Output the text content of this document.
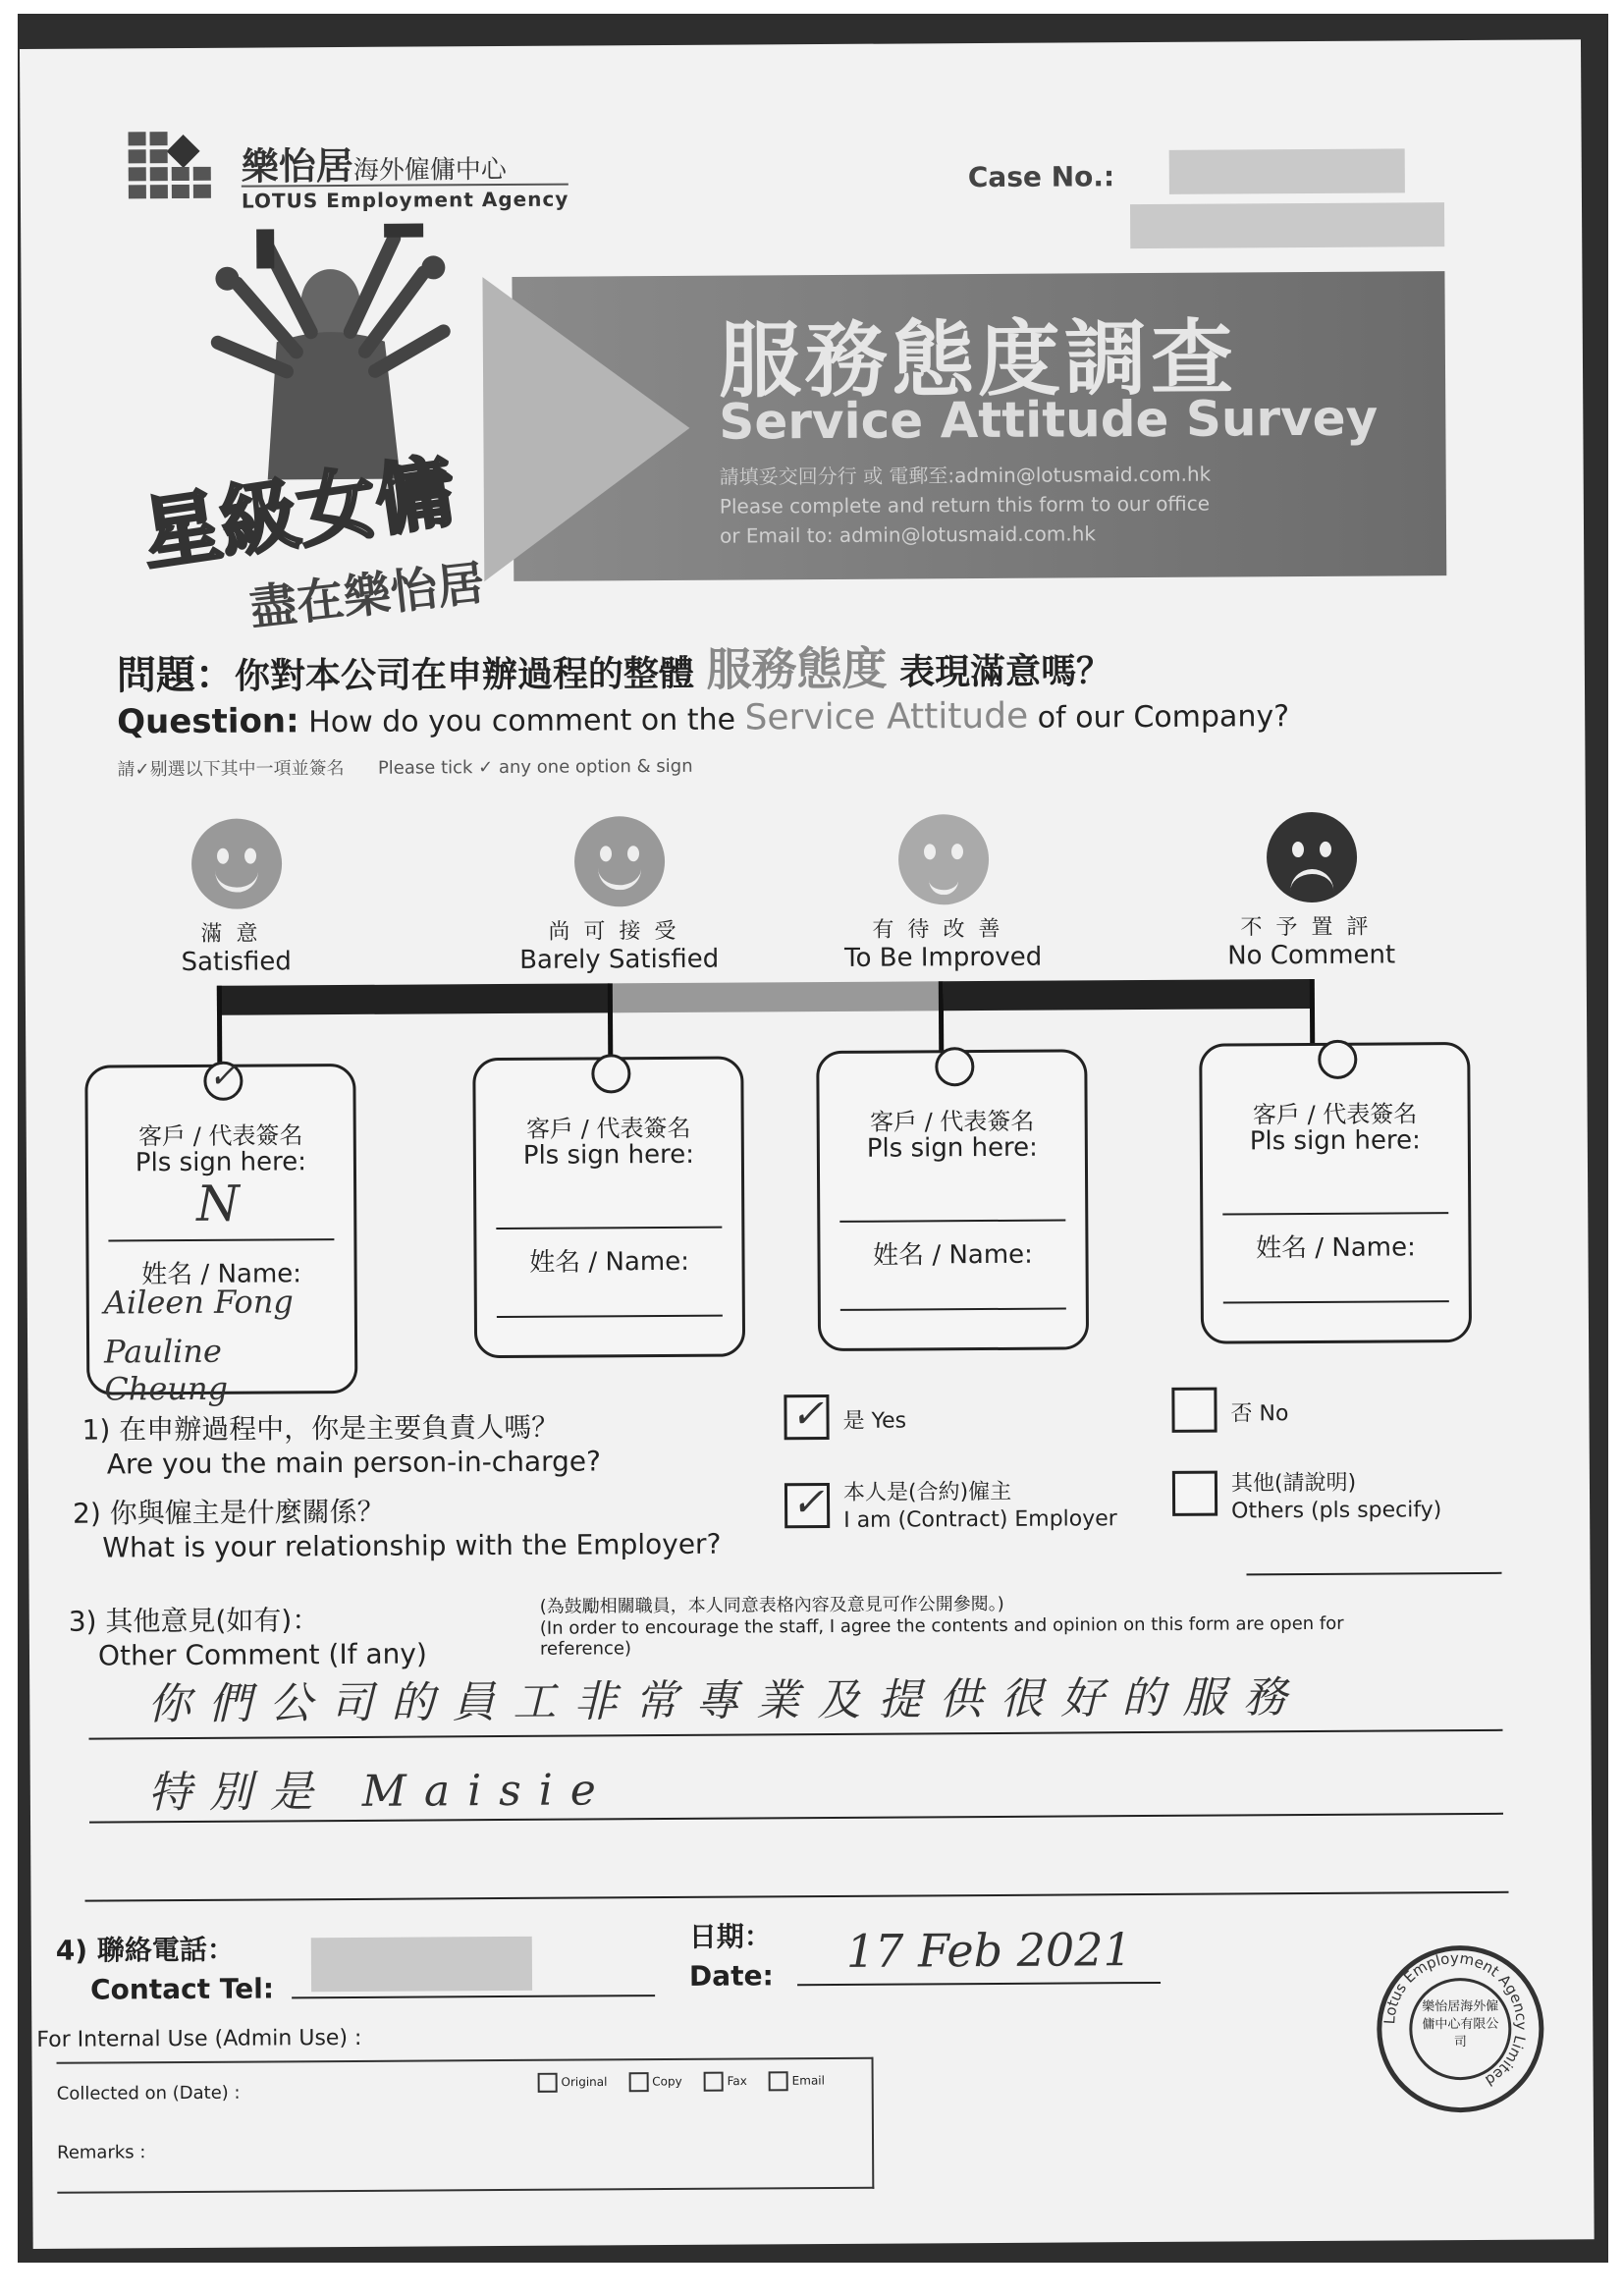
樂怡居海外僱傭中心
LOTUS Employment Agency
Case No.:
服務態度調查
Service Attitude Survey
請填妥交回分行 或 電郵至:admin@lotusmaid.com.hk
Please complete and return this form to our office
or Email to: admin@lotusmaid.com.hk
星級女傭
盡在樂怡居
問題：你對本公司在申辦過程的整體 服務態度 表現滿意嗎？
Question: How do you comment on the Service Attitude of our Company?
請✓剔選以下其中一項並簽名 Please tick ✓ any one option & sign
滿意
Satisfied
尚可接受
Barely Satisfied
有待改善
To Be Improved
不予置評
No Comment
✓
客戶 / 代表簽名
Pls sign here:
N
姓名 / Name:
Aileen Fong
Pauline Cheung
客戶 / 代表簽名
Pls sign here:
姓名 / Name:
客戶 / 代表簽名
Pls sign here:
姓名 / Name:
客戶 / 代表簽名
Pls sign here:
姓名 / Name:
1) 在申辦過程中，你是主要負責人嗎？
Are you the main person-in-charge?
✓ 是 Yes	否 No
2) 你與僱主是什麼關係？
What is your relationship with the Employer?
✓ 本人是(合約)僱主
I am (Contract) Employer
其他(請說明)
Others (pls specify)
3) 其他意見(如有)：
Other Comment (If any)
(為鼓勵相關職員，本人同意表格內容及意見可作公開參閱。)
(In order to encourage the staff, I agree the contents and opinion on this form are open for reference)
你們公司的員工非常專業及提供很好的服務
特別是 Maisie
4) 聯絡電話：
Contact Tel:
日期：
Date: 17 Feb 2021
Lotus Employment Agency Limited
樂怡居海外僱傭中心有限公司
For Internal Use (Admin Use) :
Collected on (Date) :
Remarks :
Original	Copy	Fax	Email
